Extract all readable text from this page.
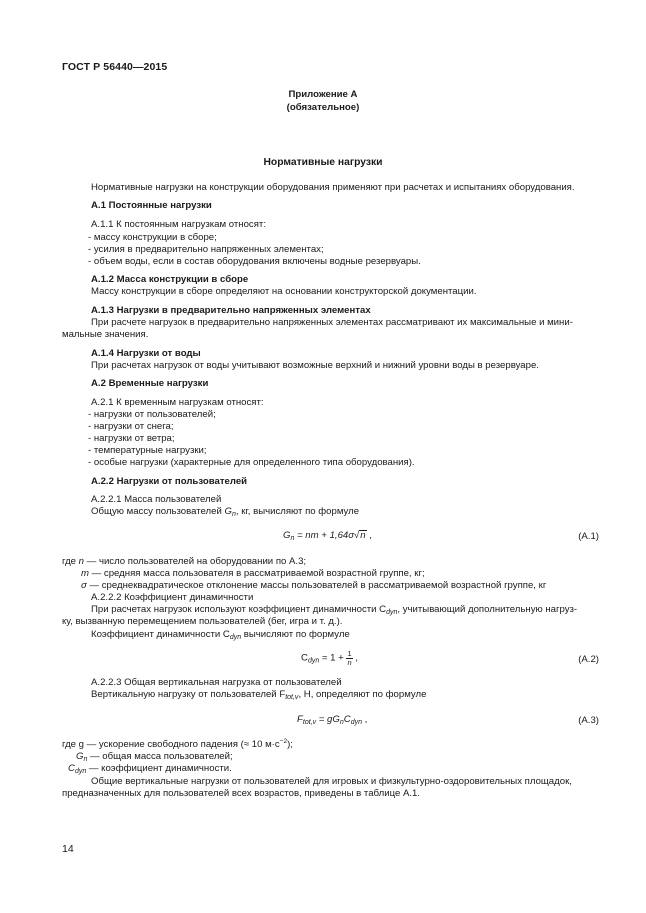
ГОСТ Р 56440—2015
Приложение А
(обязательное)
Нормативные нагрузки
Нормативные нагрузки на конструкции оборудования применяют при расчетах и испытаниях оборудования.
А.1 Постоянные нагрузки
А.1.1 К постоянным нагрузкам относят:
- массу конструкции в сборе;
- усилия в предварительно напряженных элементах;
- объем воды, если в состав оборудования включены водные резервуары.
А.1.2 Масса конструкции в сборе
Массу конструкции в сборе определяют на основании конструкторской документации.
А.1.3 Нагрузки в предварительно напряженных элементах
При расчете нагрузок в предварительно напряженных элементах рассматривают их максимальные и мини-
мальные значения.
А.1.4 Нагрузки от воды
При расчетах нагрузок от воды учитывают возможные верхний и нижний уровни воды в резервуаре.
А.2 Временные нагрузки
А.2.1 К временным нагрузкам относят:
- нагрузки от пользователей;
- нагрузки от снега;
- нагрузки от ветра;
- температурные нагрузки;
- особые нагрузки (характерные для определенного типа оборудования).
А.2.2 Нагрузки от пользователей
А.2.2.1 Масса пользователей
Общую массу пользователей $G_n$, кг, вычисляют по формуле
$G_n$ = nm + 1,64σ√n ,	(А.1)
где n — число пользователей на оборудовании по А.3;
m — средняя масса пользователя в рассматриваемой возрастной группе, кг;
σ — среднеквадратическое отклонение массы пользователей в рассматриваемой возрастной группе, кг
А.2.2.2 Коэффициент динамичности
При расчетах нагрузок используют коэффициент динамичности $C_{dyn}$, учитывающий дополнительную нагруз-
ку, вызванную перемещением пользователей (бег, игра и т. д.).
Коэффициент динамичности $C_{dyn}$ вычисляют по формуле
$C_{dyn} = 1 + \frac{1}{n}$ ,	(А.2)
А.2.2.3 Общая вертикальная нагрузка от пользователей
Вертикальную нагрузку от пользователей $F_{tot,v}$, Н, определяют по формуле
$F_{tot,v} = gG_nC_{dyn}$ ,	(А.3)
где g — ускорение свободного падения (≈ 10 $м\cdot с^{-2}$);
$G_n$ — общая масса пользователей;
$C_{dyn}$ — коэффициент динамичности.
Общие вертикальные нагрузки от пользователей для игровых и физкультурно-оздоровительных площадок,
предназначенных для пользователей всех возрастов, приведены в таблице А.1.
14
